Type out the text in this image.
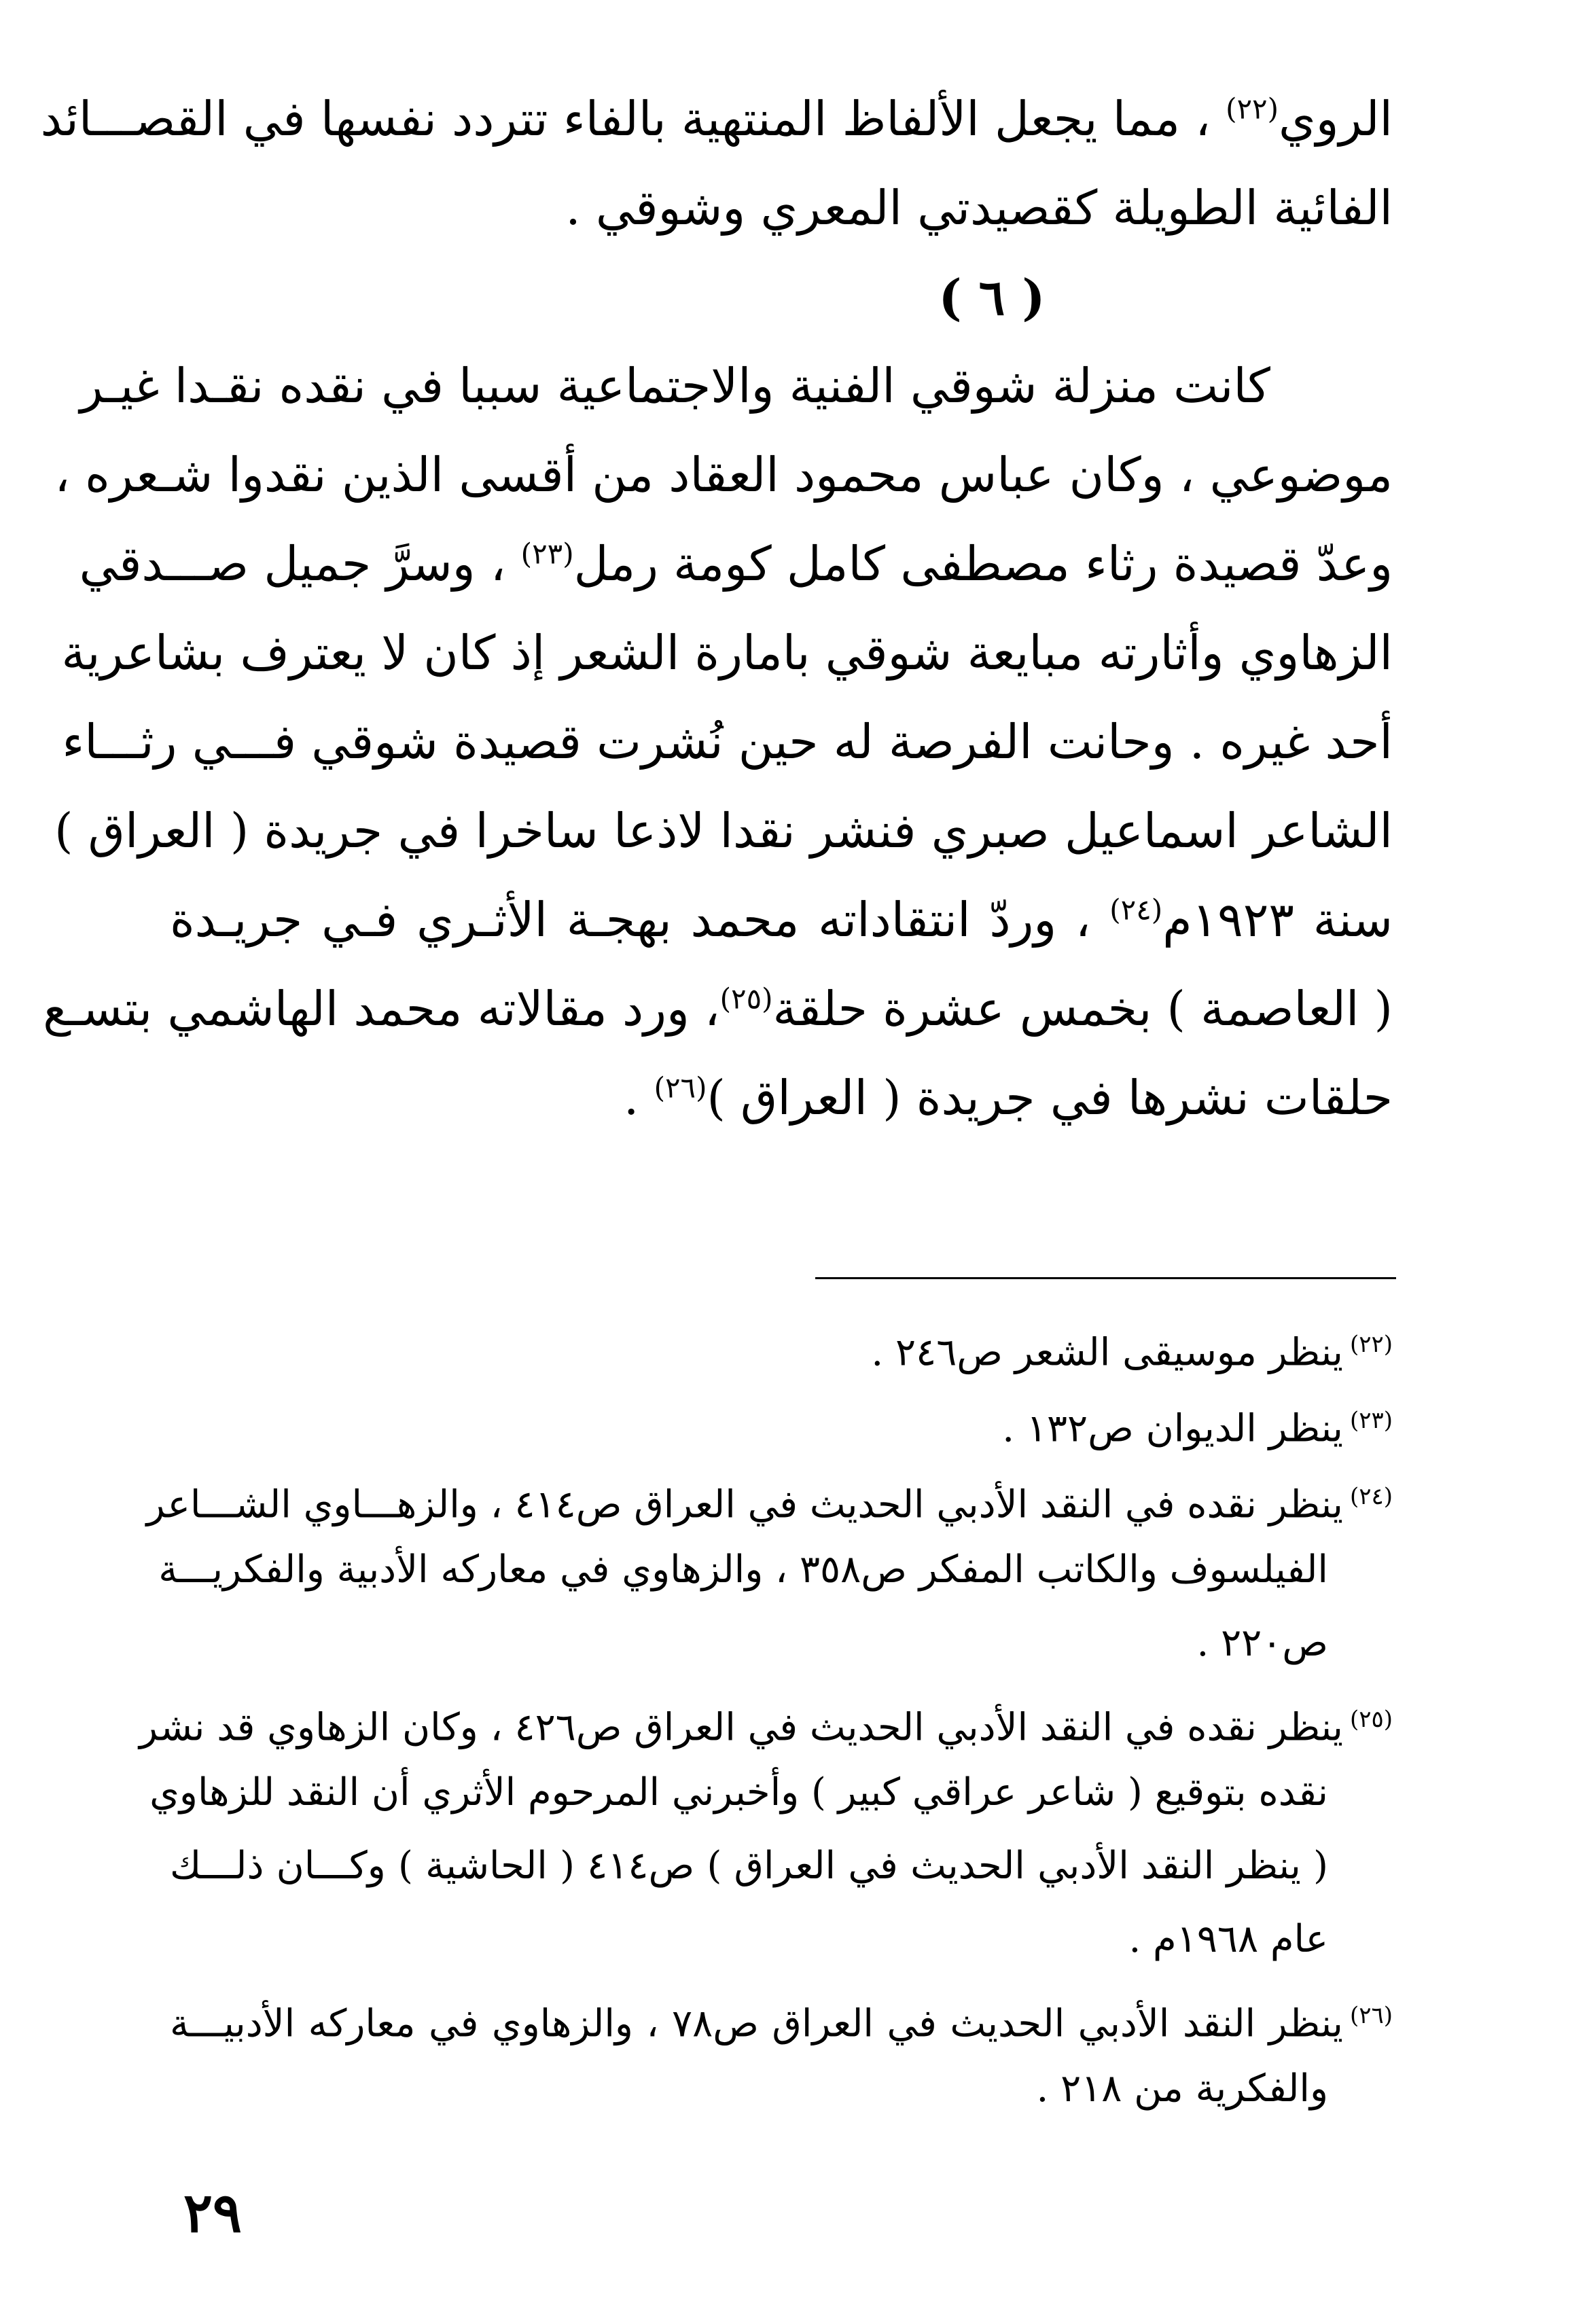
الروي$^{(٢٢)}$ ، مما يجعل الألفاظ المنتهية بالفاء تتردد نفسها في القصـــائد
الفائية الطويلة كقصيدتي المعري وشوقي .
( ٦ )
كانت منزلة شوقي الفنية والاجتماعية سببا في نقده نقـدا غيـر
موضوعي ، وكان عباس محمود العقاد من أقسى الذين نقدوا شـعره ،
وعدّ قصيدة رثاء مصطفى كامل كومة رمل$^{(٢٣)}$ ، وسرَّ جميل صـــدقي
الزهاوي وأثارته مبايعة شوقي بامارة الشعر إذ كان لا يعترف بشاعرية
أحد غيره . وحانت الفرصة له حين نُشرت قصيدة شوقي فـــي رثـــاء
الشاعر اسماعيل صبري فنشر نقدا لاذعا ساخرا في جريدة ( العراق )
سنة ١٩٢٣م$^{(٢٤)}$ ، وردّ انتقاداته محمد بهجـة الأثـري فـي جريـدة
( العاصمة ) بخمس عشرة حلقة$^{(٢٥)}$، ورد مقالاته محمد الهاشمي بتسـع
حلقات نشرها في جريدة ( العراق )$^{(٢٦)}$ .
$^{(٢٢)}$ينظر موسيقى الشعر ص٢٤٦ .
$^{(٢٣)}$ينظر الديوان ص١٣٢ .
$^{(٢٤)}$ينظر نقده في النقد الأدبي الحديث في العراق ص٤١٤ ، والزهـــاوي الشـــاعر
الفيلسوف والكاتب المفكر ص٣٥٨ ، والزهاوي في معاركه الأدبية والفكريـــة
ص٢٢٠ .
$^{(٢٥)}$ينظر نقده في النقد الأدبي الحديث في العراق ص٤٢٦ ، وكان الزهاوي قد نشر
نقده بتوقيع ( شاعر عراقي كبير ) وأخبرني المرحوم الأثري أن النقد للزهاوي
( ينظر النقد الأدبي الحديث في العراق ) ص٤١٤ ( الحاشية ) وكـــان ذلـــك
عام ١٩٦٨م .
$^{(٢٦)}$ينظر النقد الأدبي الحديث في العراق ص٧٨ ، والزهاوي في معاركه الأدبيـــة
والفكرية من ٢١٨ .
٢٩
